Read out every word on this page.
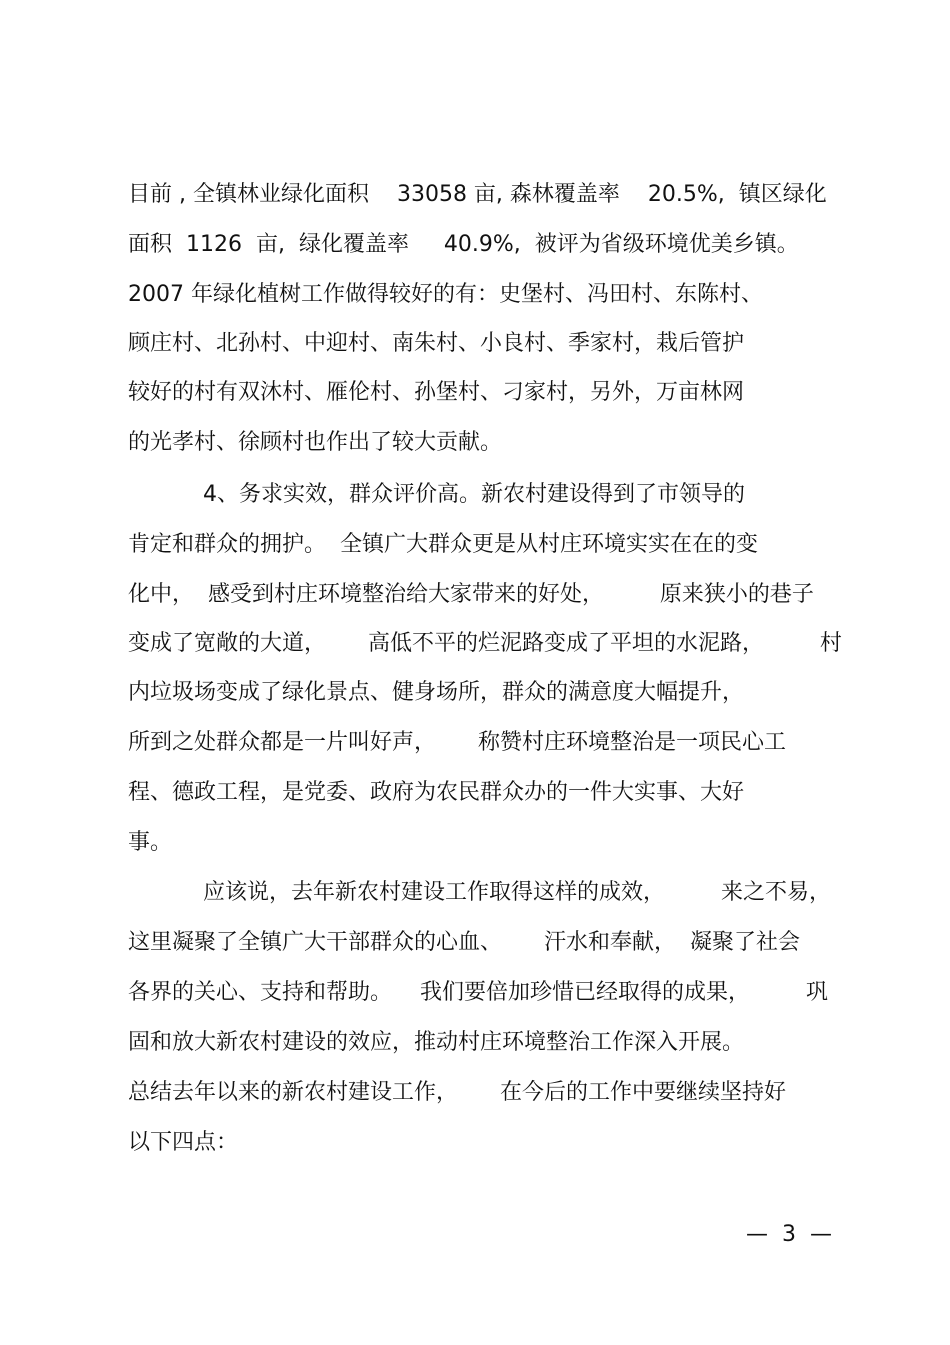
目前 , 全镇林业绿化面积    33058 亩, 森林覆盖率    20.5%,  镇区绿化
面积  1126  亩,  绿化覆盖率     40.9%,  被评为省级环境优美乡镇。
2007 年绿化植树工作做得较好的有：史堡村、冯田村、东陈村、
顾庄村、北孙村、中迎村、南朱村、小良村、季家村，栽后管护
较好的村有双沐村、雁伦村、孙堡村、刁家村，另外，万亩林网
的光孝村、徐顾村也作出了较大贡献。
4、务求实效，群众评价高。新农村建设得到了市领导的
肯定和群众的拥护。  全镇广大群众更是从村庄环境实实在在的变
化中，  感受到村庄环境整治给大家带来的好处，        原来狭小的巷子
变成了宽敞的大道，      高低不平的烂泥路变成了平坦的水泥路，        村
内垃圾场变成了绿化景点、健身场所，群众的满意度大幅提升，
所到之处群众都是一片叫好声，      称赞村庄环境整治是一项民心工
程、德政工程，是党委、政府为农民群众办的一件大实事、大好
事。
应该说，去年新农村建设工作取得这样的成效，        来之不易，
这里凝聚了全镇广大干部群众的心血、      汗水和奉献，  凝聚了社会
各界的关心、支持和帮助。    我们要倍加珍惜已经取得的成果，        巩
固和放大新农村建设的效应，推动村庄环境整治工作深入开展。
总结去年以来的新农村建设工作，      在今后的工作中要继续坚持好
以下四点：
—  3  —
